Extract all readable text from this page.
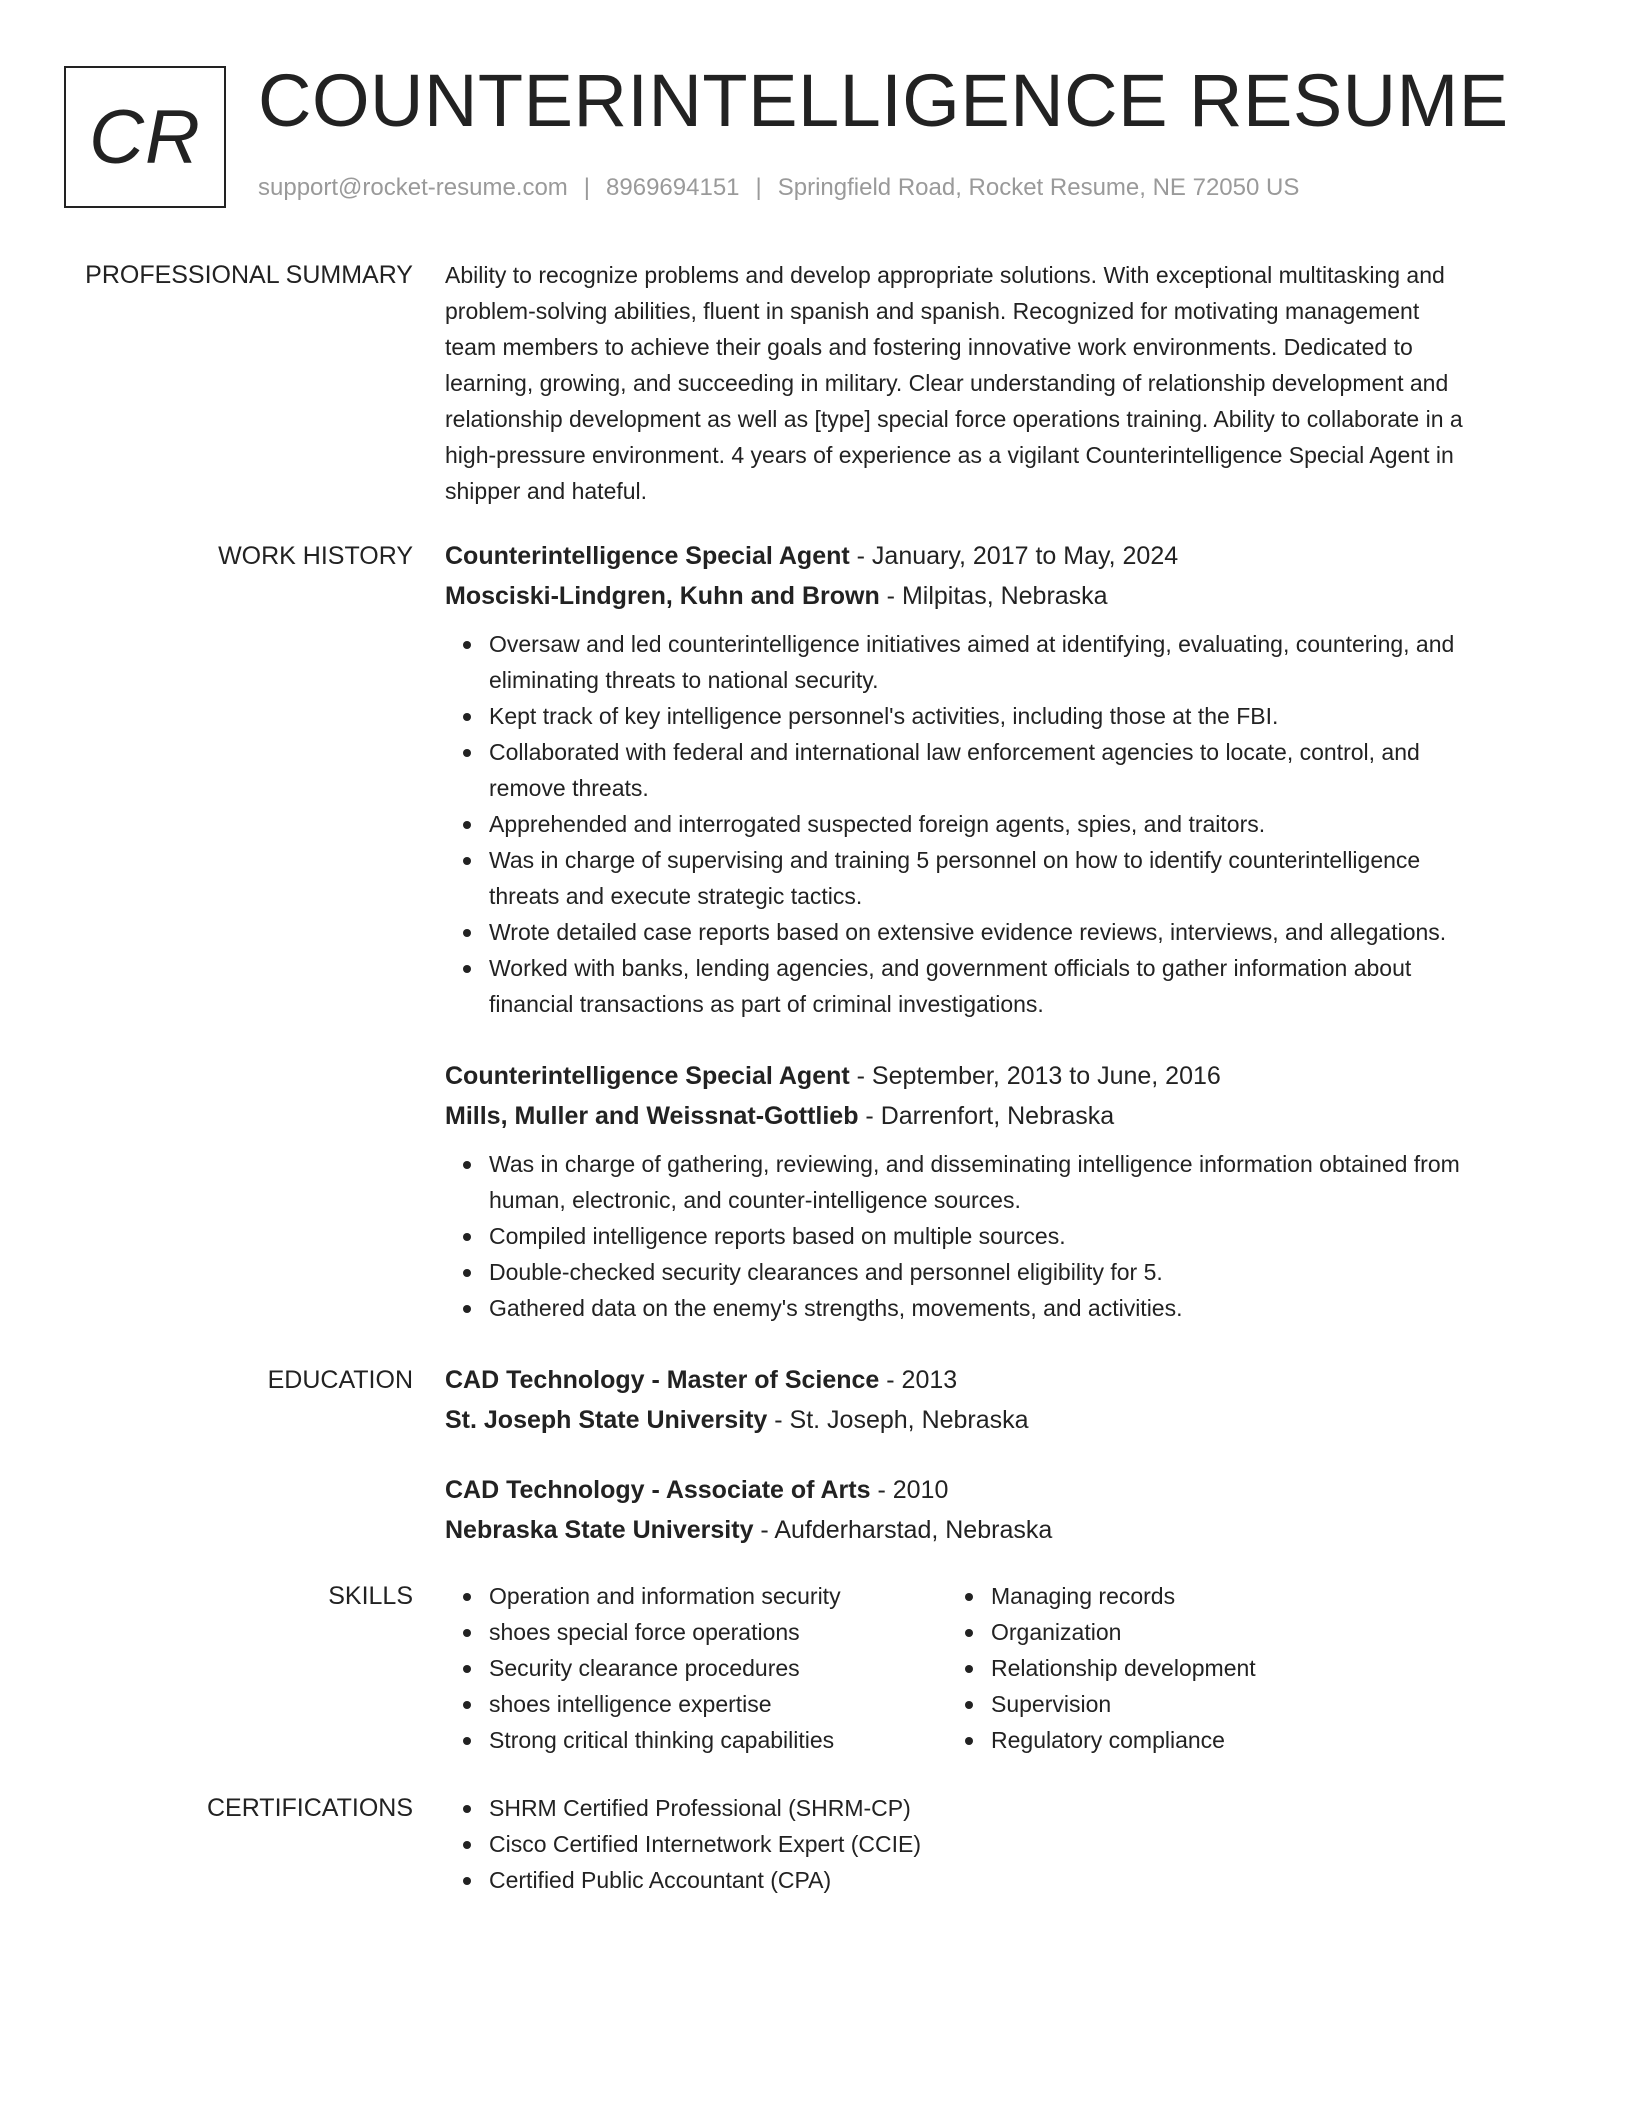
CR COUNTERINTELLIGENCE RESUME
support@rocket-resume.com | 8969694151 | Springfield Road, Rocket Resume, NE 72050 US
PROFESSIONAL SUMMARY Ability to recognize problems and develop appropriate solutions. With exceptional multitasking and
problem-solving abilities, fluent in spanish and spanish. Recognized for motivating management
team members to achieve their goals and fostering innovative work environments. Dedicated to
learning, growing, and succeeding in military. Clear understanding of relationship development and
relationship development as well as [type] special force operations training. Ability to collaborate in a
high-pressure environment. 4 years of experience as a vigilant Counterintelligence Special Agent in
shipper and hateful.
WORK HISTORY Counterintelligence Special Agent - January, 2017 to May, 2024
Mosciski-Lindgren, Kuhn and Brown - Milpitas, Nebraska
Oversaw and led counterintelligence initiatives aimed at identifying, evaluating, countering, and
eliminating threats to national security.
Kept track of key intelligence personnel's activities, including those at the FBI.
Collaborated with federal and international law enforcement agencies to locate, control, and
remove threats.
Apprehended and interrogated suspected foreign agents, spies, and traitors.
Was in charge of supervising and training 5 personnel on how to identify counterintelligence
threats and execute strategic tactics.
Wrote detailed case reports based on extensive evidence reviews, interviews, and allegations.
Worked with banks, lending agencies, and government officials to gather information about
financial transactions as part of criminal investigations.
Counterintelligence Special Agent - September, 2013 to June, 2016
Mills, Muller and Weissnat-Gottlieb - Darrenfort, Nebraska
Was in charge of gathering, reviewing, and disseminating intelligence information obtained from
human, electronic, and counter-intelligence sources.
Compiled intelligence reports based on multiple sources.
Double-checked security clearances and personnel eligibility for 5.
Gathered data on the enemy's strengths, movements, and activities.
EDUCATION CAD Technology - Master of Science - 2013
St. Joseph State University - St. Joseph, Nebraska
CAD Technology - Associate of Arts - 2010
Nebraska State University - Aufderharstad, Nebraska
SKILLS	Operation and information security
shoes special force operations
Security clearance procedures
shoes intelligence expertise
Strong critical thinking capabilities
Managing records
Organization
Relationship development
Supervision
Regulatory compliance
CERTIFICATIONS	SHRM Certified Professional (SHRM-CP)
Cisco Certified Internetwork Expert (CCIE)
Certified Public Accountant (CPA)
